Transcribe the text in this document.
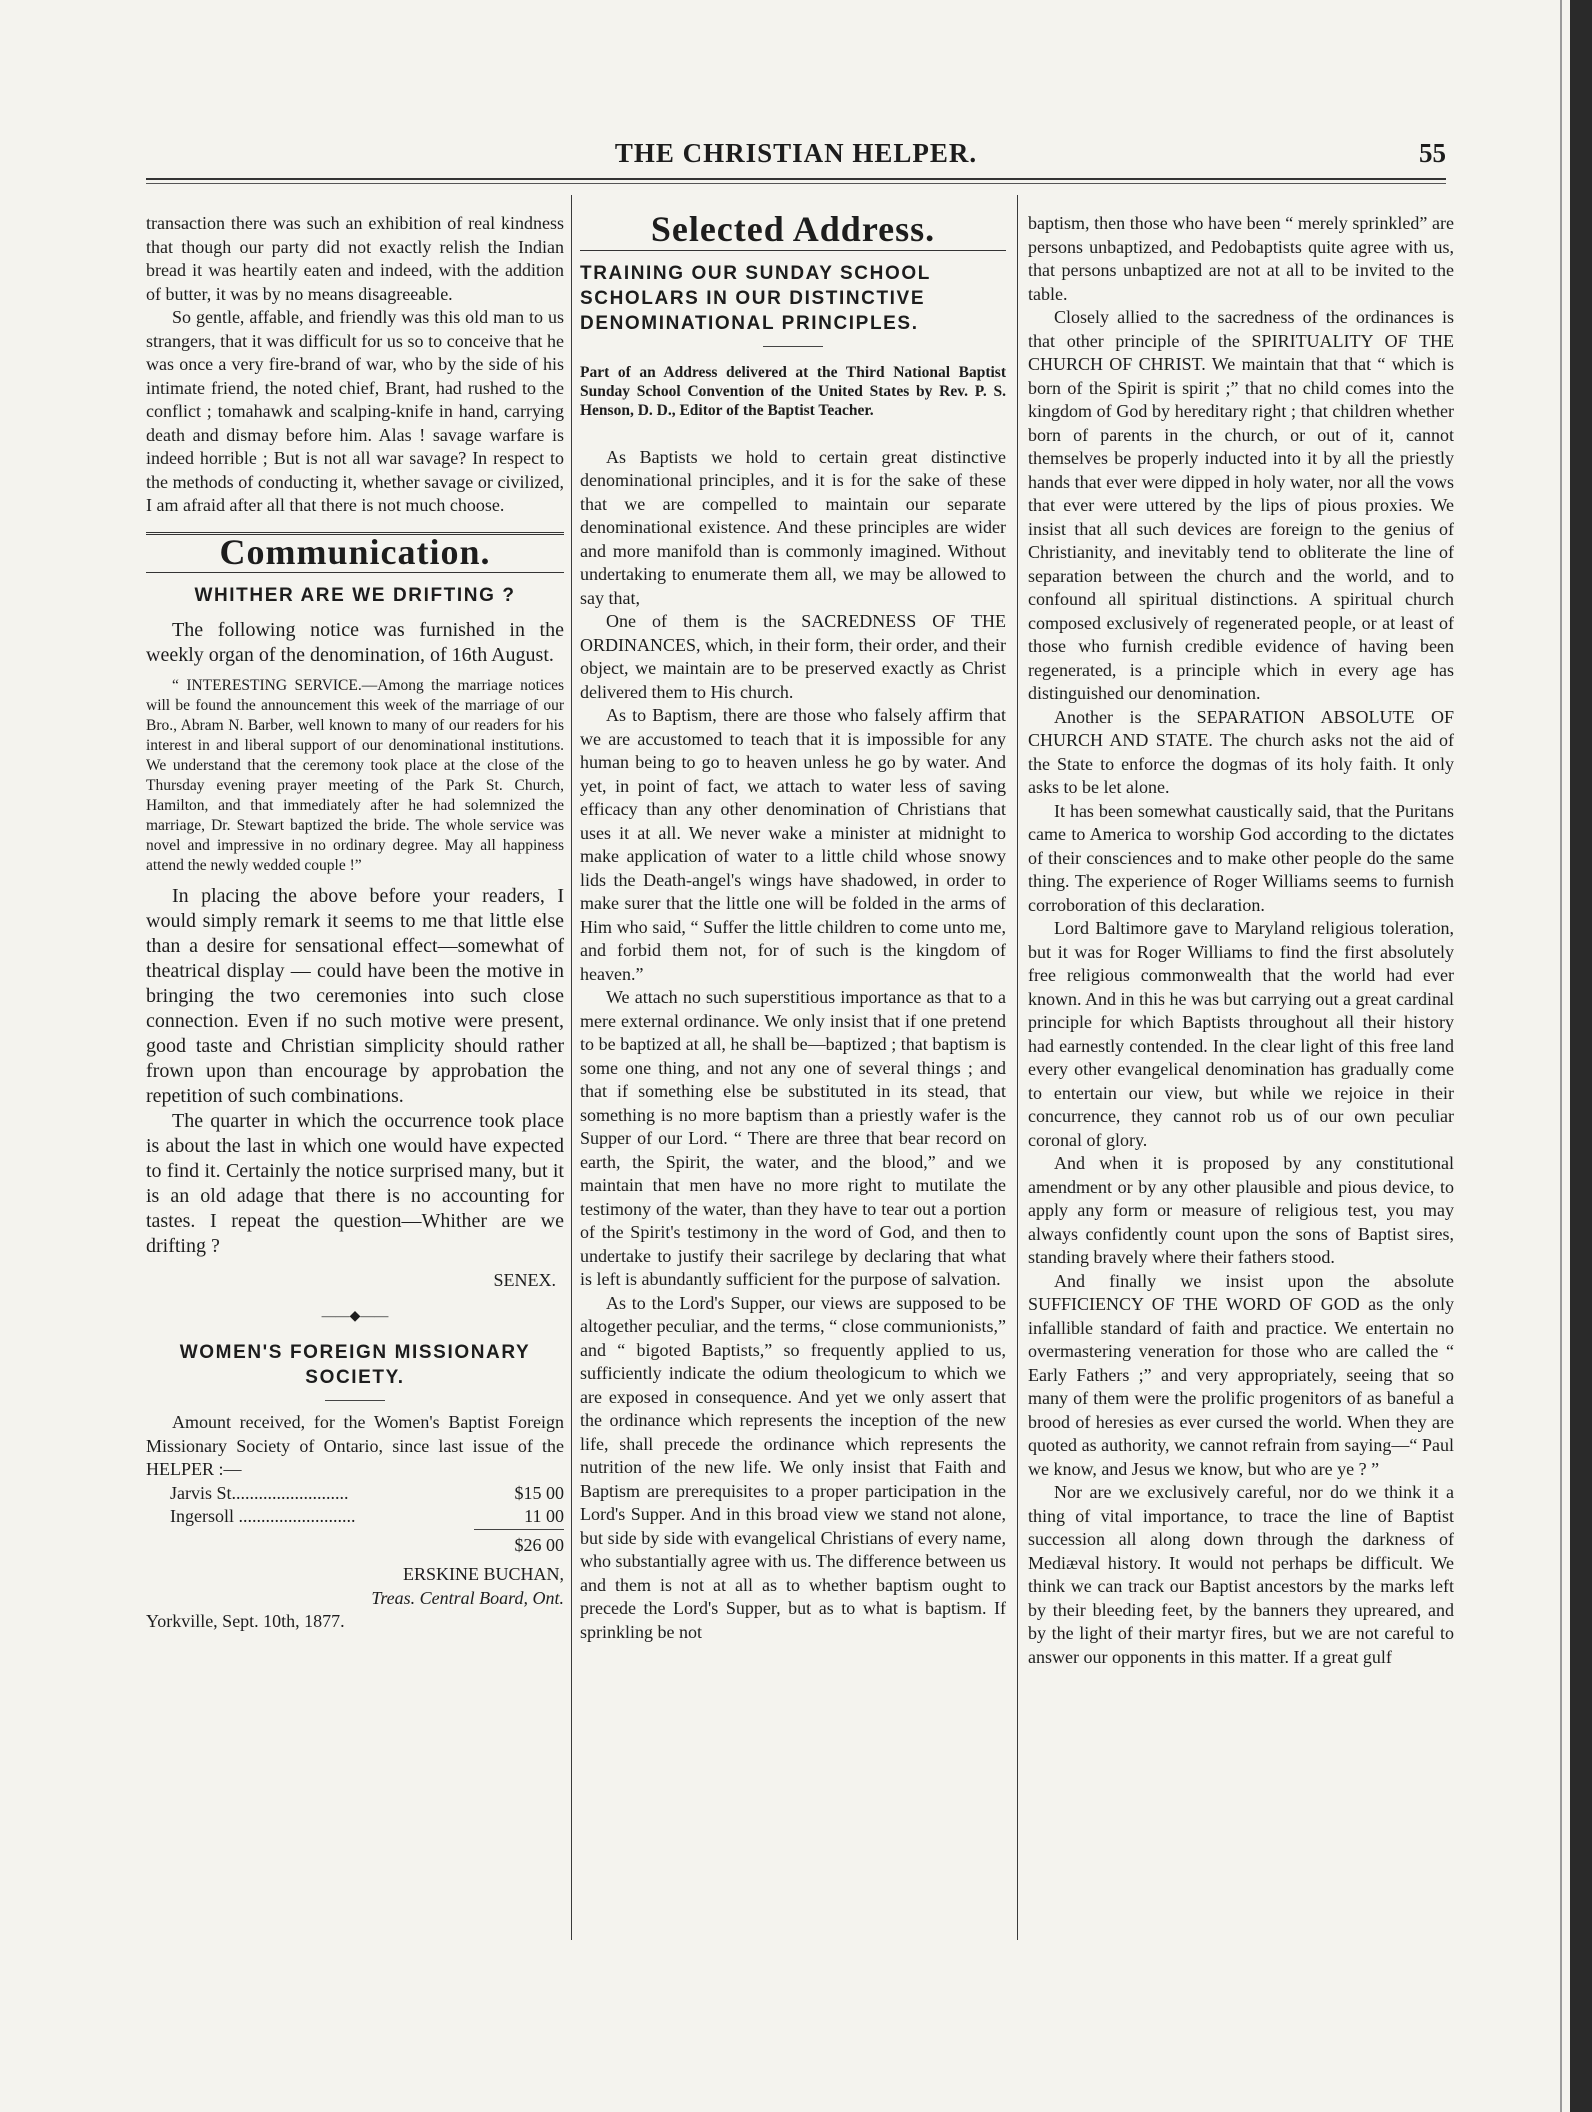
THE CHRISTIAN HELPER.	55

transaction there was such an exhibition of real kindness that though our party did not exactly relish the Indian bread it was heartily eaten and indeed, with the addition of butter, it was by no means disagreeable.

So gentle, affable, and friendly was this old man to us strangers, that it was difficult for us so to conceive that he was once a very fire-brand of war, who by the side of his intimate friend, the noted chief, Brant, had rushed to the conflict ; tomahawk and scalping-knife in hand, carrying death and dismay before him. Alas ! savage warfare is indeed horrible ; But is not all war savage? In respect to the methods of conducting it, whether savage or civilized, I am afraid after all that there is not much choose.

Communication.
WHITHER ARE WE DRIFTING ?

The following notice was furnished in the weekly organ of the denomination, of 16th August.

“ INTERESTING SERVICE.—Among the marriage notices will be found the announcement this week of the marriage of our Bro., Abram N. Barber, well known to many of our readers for his interest in and liberal support of our denominational institutions. We understand that the ceremony took place at the close of the Thursday evening prayer meeting of the Park St. Church, Hamilton, and that immediately after he had solemnized the marriage, Dr. Stewart baptized the bride. The whole service was novel and impressive in no ordinary degree. May all happiness attend the newly wedded couple !”

In placing the above before your readers, I would simply remark it seems to me that little else than a desire for sensational effect—somewhat of theatrical display — could have been the motive in bringing the two ceremonies into such close connection. Even if no such motive were present, good taste and Christian simplicity should rather frown upon than encourage by approbation the repetition of such combinations.

The quarter in which the occurrence took place is about the last in which one would have expected to find it. Certainly the notice surprised many, but it is an old adage that there is no accounting for tastes. I repeat the question—Whither are we drifting ?

SENEX.
——◆——
WOMEN'S FOREIGN MISSIONARY SOCIETY.

Amount received, for the Women's Baptist Foreign Missionary Society of Ontario, since last issue of the HELPER :—

Jarvis St..........................	$15 00
Ingersoll ..........................	11 00
$26 00
ERSKINE BUCHAN,
Treas. Central Board, Ont.

Yorkville, Sept. 10th, 1877.

Selected Address.
TRAINING OUR SUNDAY SCHOOL SCHOLARS IN OUR DISTINCTIVE DENOMINATIONAL PRINCIPLES.

Part of an Address delivered at the Third National Baptist Sunday School Convention of the United States by Rev. P. S. Henson, D. D., Editor of the Baptist Teacher.

As Baptists we hold to certain great distinctive denominational principles, and it is for the sake of these that we are compelled to maintain our separate denominational existence. And these principles are wider and more manifold than is commonly imagined. Without undertaking to enumerate them all, we may be allowed to say that,

One of them is the SACREDNESS OF THE ORDINANCES, which, in their form, their order, and their object, we maintain are to be preserved exactly as Christ delivered them to His church.

As to Baptism, there are those who falsely affirm that we are accustomed to teach that it is impossible for any human being to go to heaven unless he go by water. And yet, in point of fact, we attach to water less of saving efficacy than any other denomination of Christians that uses it at all. We never wake a minister at midnight to make application of water to a little child whose snowy lids the Death-angel's wings have shadowed, in order to make surer that the little one will be folded in the arms of Him who said, “ Suffer the little children to come unto me, and forbid them not, for of such is the kingdom of heaven.”

We attach no such superstitious importance as that to a mere external ordinance. We only insist that if one pretend to be baptized at all, he shall be—baptized ; that baptism is some one thing, and not any one of several things ; and that if something else be substituted in its stead, that something is no more baptism than a priestly wafer is the Supper of our Lord. “ There are three that bear record on earth, the Spirit, the water, and the blood,” and we maintain that men have no more right to mutilate the testimony of the water, than they have to tear out a portion of the Spirit's testimony in the word of God, and then to undertake to justify their sacrilege by declaring that what is left is abundantly sufficient for the purpose of salvation.

As to the Lord's Supper, our views are supposed to be altogether peculiar, and the terms, “ close communionists,” and “ bigoted Baptists,” so frequently applied to us, sufficiently indicate the odium theologicum to which we are exposed in consequence. And yet we only assert that the ordinance which represents the inception of the new life, shall precede the ordinance which represents the nutrition of the new life. We only insist that Faith and Baptism are prerequisites to a proper participation in the Lord's Supper. And in this broad view we stand not alone, but side by side with evangelical Christians of every name, who substantially agree with us. The difference between us and them is not at all as to whether baptism ought to precede the Lord's Supper, but as to what is baptism. If sprinkling be not

baptism, then those who have been “ merely sprinkled” are persons unbaptized, and Pedobaptists quite agree with us, that persons unbaptized are not at all to be invited to the table.

Closely allied to the sacredness of the ordinances is that other principle of the SPIRITUALITY OF THE CHURCH OF CHRIST. We maintain that that “ which is born of the Spirit is spirit ;” that no child comes into the kingdom of God by hereditary right ; that children whether born of parents in the church, or out of it, cannot themselves be properly inducted into it by all the priestly hands that ever were dipped in holy water, nor all the vows that ever were uttered by the lips of pious proxies. We insist that all such devices are foreign to the genius of Christianity, and inevitably tend to obliterate the line of separation between the church and the world, and to confound all spiritual distinctions. A spiritual church composed exclusively of regenerated people, or at least of those who furnish credible evidence of having been regenerated, is a principle which in every age has distinguished our denomination.

Another is the SEPARATION ABSOLUTE OF CHURCH AND STATE. The church asks not the aid of the State to enforce the dogmas of its holy faith. It only asks to be let alone.

It has been somewhat caustically said, that the Puritans came to America to worship God according to the dictates of their consciences and to make other people do the same thing. The experience of Roger Williams seems to furnish corroboration of this declaration.

Lord Baltimore gave to Maryland religious toleration, but it was for Roger Williams to find the first absolutely free religious commonwealth that the world had ever known. And in this he was but carrying out a great cardinal principle for which Baptists throughout all their history had earnestly contended. In the clear light of this free land every other evangelical denomination has gradually come to entertain our view, but while we rejoice in their concurrence, they cannot rob us of our own peculiar coronal of glory.

And when it is proposed by any constitutional amendment or by any other plausible and pious device, to apply any form or measure of religious test, you may always confidently count upon the sons of Baptist sires, standing bravely where their fathers stood.

And finally we insist upon the absolute SUFFICIENCY OF THE WORD OF GOD as the only infallible standard of faith and practice. We entertain no overmastering veneration for those who are called the “ Early Fathers ;” and very appropriately, seeing that so many of them were the prolific progenitors of as baneful a brood of heresies as ever cursed the world. When they are quoted as authority, we cannot refrain from saying—“ Paul we know, and Jesus we know, but who are ye ? ”

Nor are we exclusively careful, nor do we think it a thing of vital importance, to trace the line of Baptist succession all along down through the darkness of Mediæval history. It would not perhaps be difficult. We think we can track our Baptist ancestors by the marks left by their bleeding feet, by the banners they upreared, and by the light of their martyr fires, but we are not careful to answer our opponents in this matter. If a great gulf
